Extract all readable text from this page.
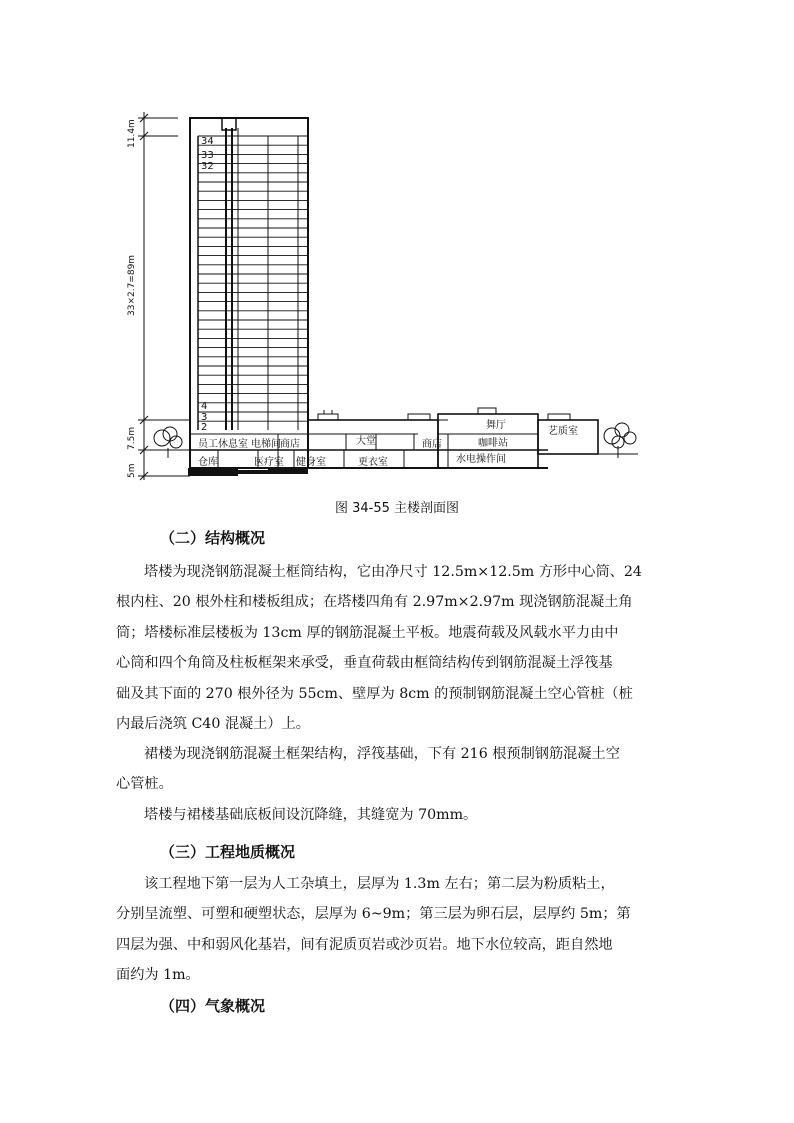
11.4m
33×2.7=89m
7.5m
5m
34
33
32
4
3
2
员工休息室 电梯间 商店	大堂	商店
舞厅
咖啡站
艺质室
仓库	医疗室 健身室	更衣室	水电操作间
图 34-55 主楼剖面图
（二）结构概况
塔楼为现浇钢筋混凝土框筒结构，它由净尺寸 12.5m×12.5m 方形中心筒、24
根内柱、20 根外柱和楼板组成；在塔楼四角有 2.97m×2.97m 现浇钢筋混凝土角
筒；塔楼标准层楼板为 13cm 厚的钢筋混凝土平板。地震荷载及风载水平力由中
心筒和四个角筒及柱板框架来承受，垂直荷载由框筒结构传到钢筋混凝土浮筏基
础及其下面的 270 根外径为 55cm、壁厚为 8cm 的预制钢筋混凝土空心管桩（桩
内最后浇筑 C40 混凝土）上。
裙楼为现浇钢筋混凝土框架结构，浮筏基础，下有 216 根预制钢筋混凝土空
心管桩。
塔楼与裙楼基础底板间设沉降缝，其缝宽为 70mm。
（三）工程地质概况
该工程地下第一层为人工杂填土，层厚为 1.3m 左右；第二层为粉质粘土，
分别呈流塑、可塑和硬塑状态，层厚为 6~9m；第三层为卵石层，层厚约 5m；第
四层为强、中和弱风化基岩，间有泥质页岩或沙页岩。地下水位较高，距自然地
面约为 1m。
（四）气象概况
